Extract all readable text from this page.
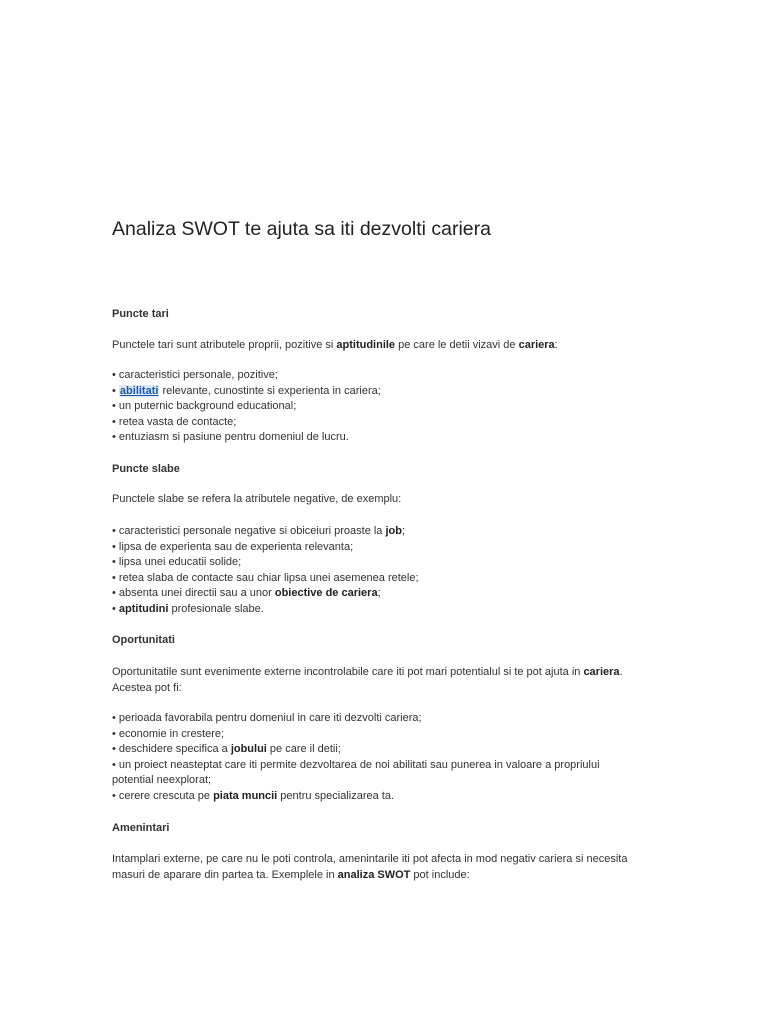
Analiza SWOT te ajuta sa iti dezvolti cariera
Puncte tari

Punctele tari sunt atributele proprii, pozitive si aptitudinile pe care le detii vizavi de cariera:

• caracteristici personale, pozitive;
• abilitati relevante, cunostinte si experienta in cariera;
• un puternic background educational;
• retea vasta de contacte;
• entuziasm si pasiune pentru domeniul de lucru.
Puncte slabe

Punctele slabe se refera la atributele negative, de exemplu:

• caracteristici personale negative si obiceiuri proaste la job;
• lipsa de experienta sau de experienta relevanta;
• lipsa unei educatii solide;
• retea slaba de contacte sau chiar lipsa unei asemenea retele;
• absenta unei directii sau a unor obiective de cariera;
• aptitudini profesionale slabe.
Oportunitati

Oportunitatile sunt evenimente externe incontrolabile care iti pot mari potentialul si te pot ajuta in cariera.
Acestea pot fi:

• perioada favorabila pentru domeniul in care iti dezvolti cariera;
• economie in crestere;
• deschidere specifica a jobului pe care il detii;
• un proiect neasteptat care iti permite dezvoltarea de noi abilitati sau punerea in valoare a propriului
potential neexplorat;
• cerere crescuta pe piata muncii pentru specializarea ta.
Amenintari

Intamplari externe, pe care nu le poti controla, amenintarile iti pot afecta in mod negativ cariera si necesita
masuri de aparare din partea ta. Exemplele in analiza SWOT pot include:
